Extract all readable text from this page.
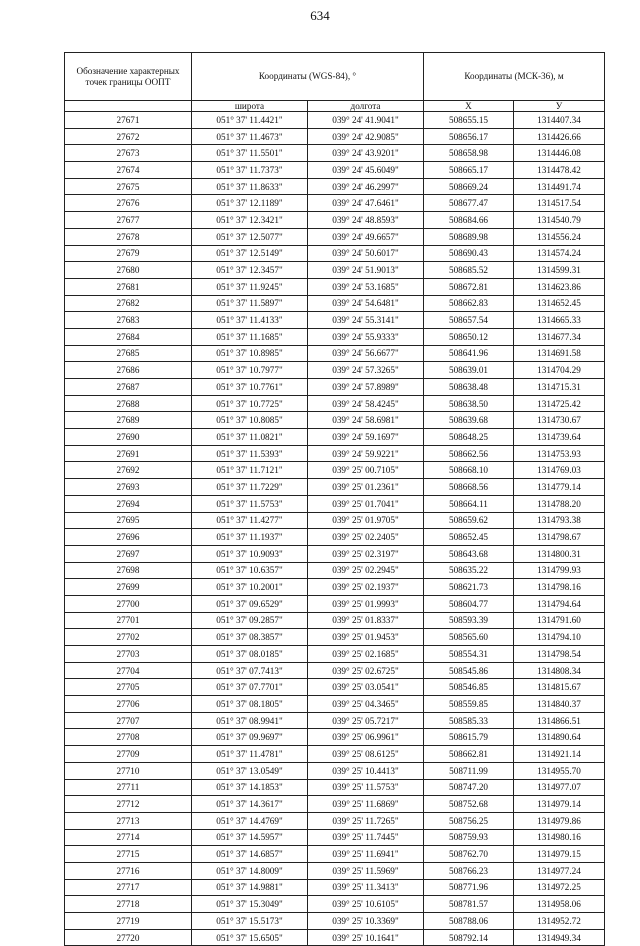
634
Обозначение характерных точек границы ООПТ	Координаты (WGS-84), °		Координаты (МСК-36), м	
	широта	долгота	X	У
27671	051° 37' 11.4421"	039° 24' 41.9041"	508655.15	1314407.34
27672	051° 37' 11.4673"	039° 24' 42.9085"	508656.17	1314426.66
27673	051° 37' 11.5501"	039° 24' 43.9201"	508658.98	1314446.08
27674	051° 37' 11.7373"	039° 24' 45.6049"	508665.17	1314478.42
27675	051° 37' 11.8633"	039° 24' 46.2997"	508669.24	1314491.74
27676	051° 37' 12.1189"	039° 24' 47.6461"	508677.47	1314517.54
27677	051° 37' 12.3421"	039° 24' 48.8593"	508684.66	1314540.79
27678	051° 37' 12.5077"	039° 24' 49.6657"	508689.98	1314556.24
27679	051° 37' 12.5149"	039° 24' 50.6017"	508690.43	1314574.24
27680	051° 37' 12.3457"	039° 24' 51.9013"	508685.52	1314599.31
27681	051° 37' 11.9245"	039° 24' 53.1685"	508672.81	1314623.86
27682	051° 37' 11.5897"	039° 24' 54.6481"	508662.83	1314652.45
27683	051° 37' 11.4133"	039° 24' 55.3141"	508657.54	1314665.33
27684	051° 37' 11.1685"	039° 24' 55.9333"	508650.12	1314677.34
27685	051° 37' 10.8985"	039° 24' 56.6677"	508641.96	1314691.58
27686	051° 37' 10.7977"	039° 24' 57.3265"	508639.01	1314704.29
27687	051° 37' 10.7761"	039° 24' 57.8989"	508638.48	1314715.31
27688	051° 37' 10.7725"	039° 24' 58.4245"	508638.50	1314725.42
27689	051° 37' 10.8085"	039° 24' 58.6981"	508639.68	1314730.67
27690	051° 37' 11.0821"	039° 24' 59.1697"	508648.25	1314739.64
27691	051° 37' 11.5393"	039° 24' 59.9221"	508662.56	1314753.93
27692	051° 37' 11.7121"	039° 25' 00.7105"	508668.10	1314769.03
27693	051° 37' 11.7229"	039° 25' 01.2361"	508668.56	1314779.14
27694	051° 37' 11.5753"	039° 25' 01.7041"	508664.11	1314788.20
27695	051° 37' 11.4277"	039° 25' 01.9705"	508659.62	1314793.38
27696	051° 37' 11.1937"	039° 25' 02.2405"	508652.45	1314798.67
27697	051° 37' 10.9093"	039° 25' 02.3197"	508643.68	1314800.31
27698	051° 37' 10.6357"	039° 25' 02.2945"	508635.22	1314799.93
27699	051° 37' 10.2001"	039° 25' 02.1937"	508621.73	1314798.16
27700	051° 37' 09.6529"	039° 25' 01.9993"	508604.77	1314794.64
27701	051° 37' 09.2857"	039° 25' 01.8337"	508593.39	1314791.60
27702	051° 37' 08.3857"	039° 25' 01.9453"	508565.60	1314794.10
27703	051° 37' 08.0185"	039° 25' 02.1685"	508554.31	1314798.54
27704	051° 37' 07.7413"	039° 25' 02.6725"	508545.86	1314808.34
27705	051° 37' 07.7701"	039° 25' 03.0541"	508546.85	1314815.67
27706	051° 37' 08.1805"	039° 25' 04.3465"	508559.85	1314840.37
27707	051° 37' 08.9941"	039° 25' 05.7217"	508585.33	1314866.51
27708	051° 37' 09.9697"	039° 25' 06.9961"	508615.79	1314890.64
27709	051° 37' 11.4781"	039° 25' 08.6125"	508662.81	1314921.14
27710	051° 37' 13.0549"	039° 25' 10.4413"	508711.99	1314955.70
27711	051° 37' 14.1853"	039° 25' 11.5753"	508747.20	1314977.07
27712	051° 37' 14.3617"	039° 25' 11.6869"	508752.68	1314979.14
27713	051° 37' 14.4769"	039° 25' 11.7265"	508756.25	1314979.86
27714	051° 37' 14.5957"	039° 25' 11.7445"	508759.93	1314980.16
27715	051° 37' 14.6857"	039° 25' 11.6941"	508762.70	1314979.15
27716	051° 37' 14.8009"	039° 25' 11.5969"	508766.23	1314977.24
27717	051° 37' 14.9881"	039° 25' 11.3413"	508771.96	1314972.25
27718	051° 37' 15.3049"	039° 25' 10.6105"	508781.57	1314958.06
27719	051° 37' 15.5173"	039° 25' 10.3369"	508788.06	1314952.72
27720	051° 37' 15.6505"	039° 25' 10.1641"	508792.14	1314949.34
